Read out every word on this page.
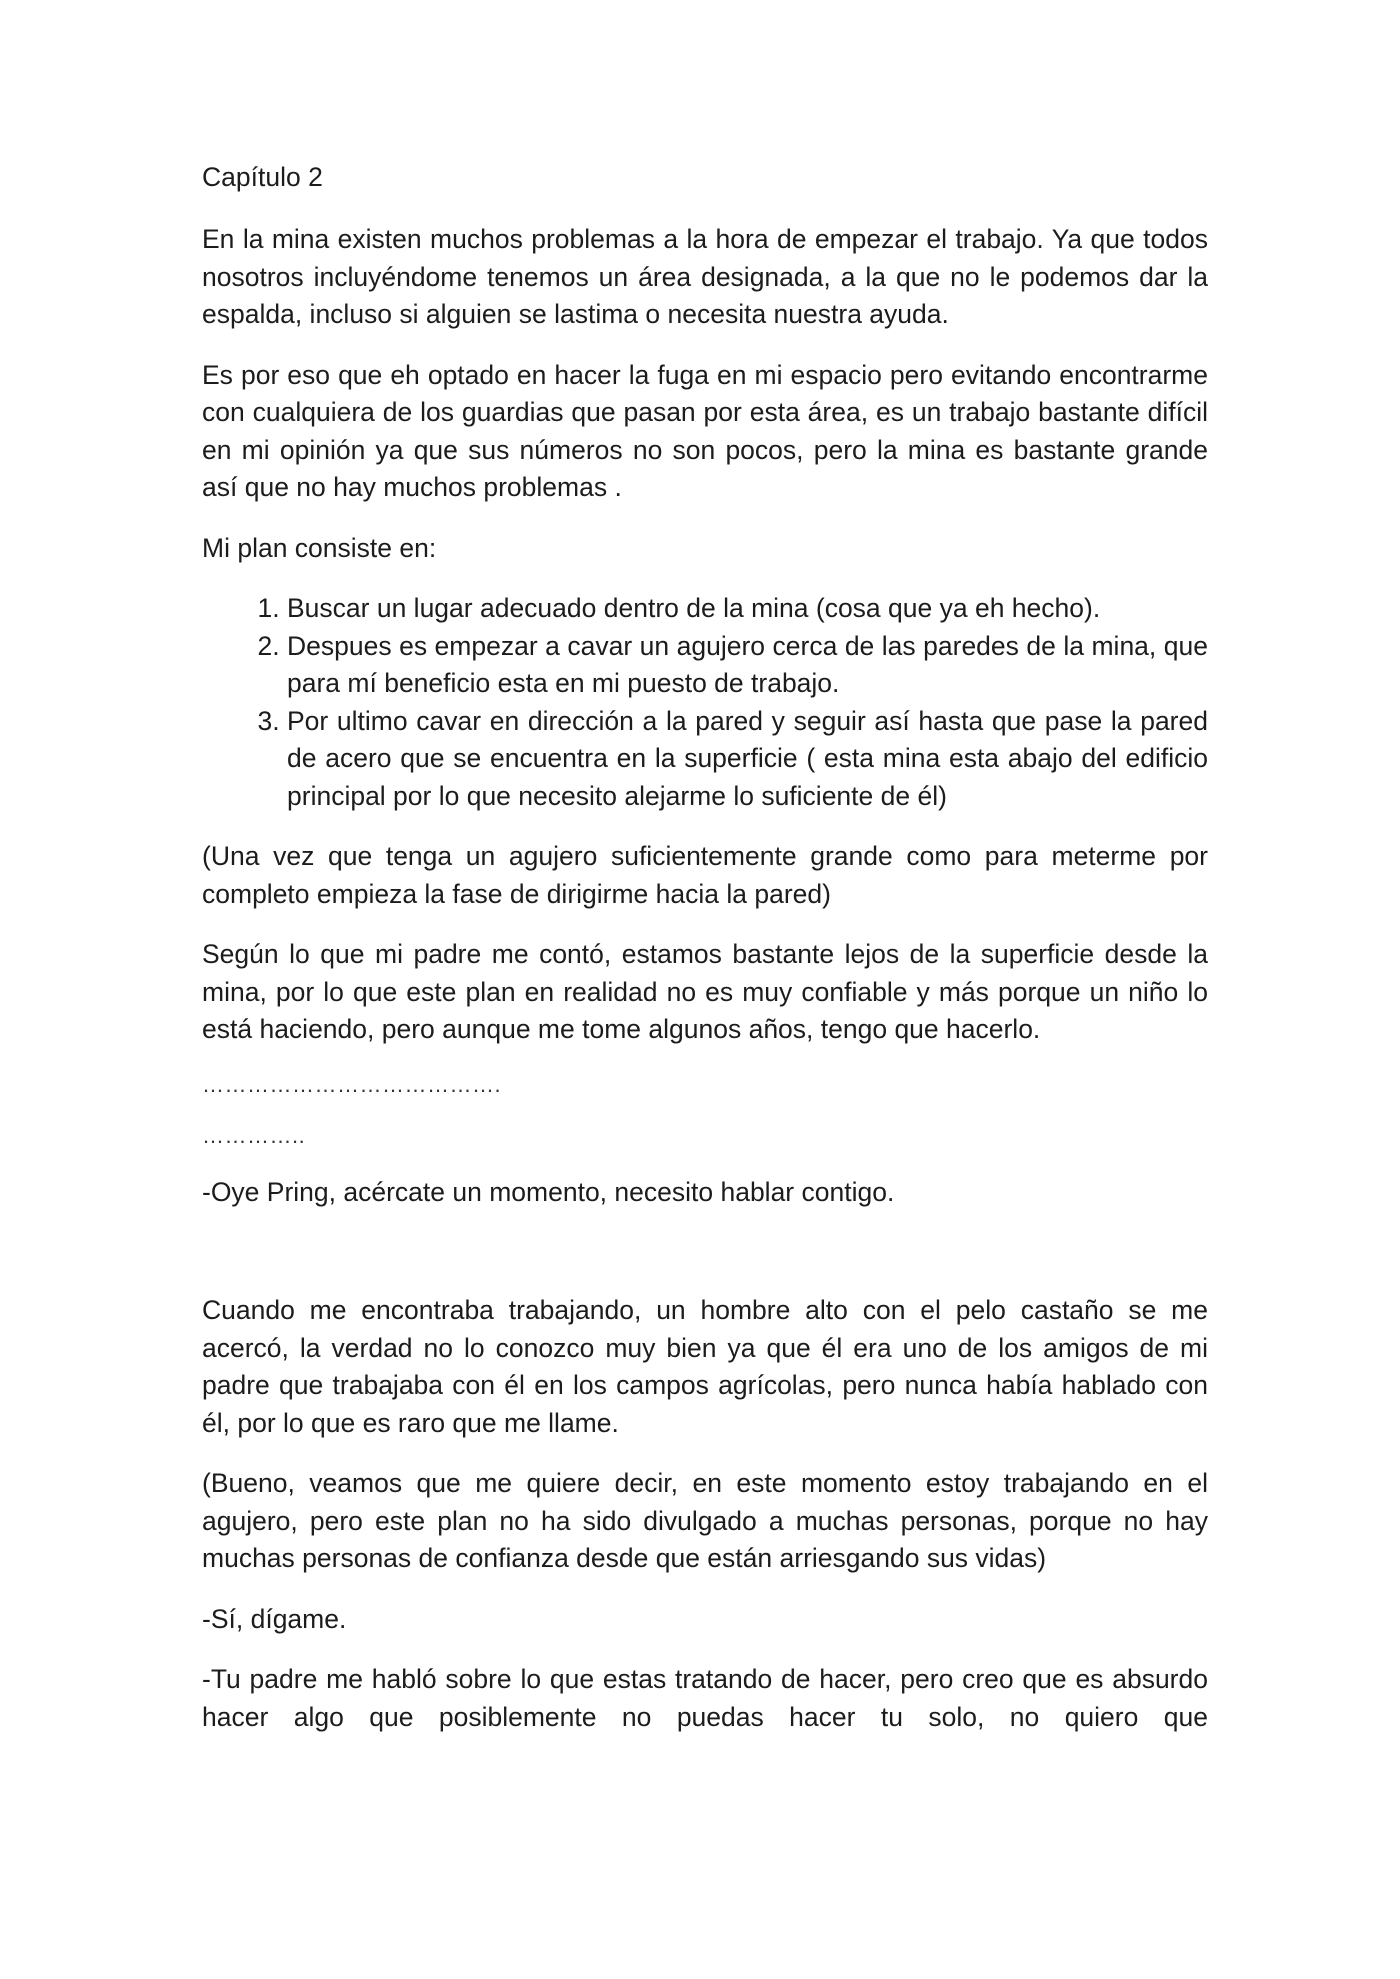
Capítulo 2

En la mina existen muchos problemas a la hora de empezar el trabajo. Ya que todos nosotros incluyéndome tenemos un área designada, a la que no le podemos dar la espalda, incluso si alguien se lastima o necesita nuestra ayuda.

Es por eso que eh optado en hacer la fuga en mi espacio pero evitando encontrarme con cualquiera de los guardias que pasan por esta área, es un trabajo bastante difícil en mi opinión ya que sus números no son pocos, pero la mina es bastante grande así que no hay muchos problemas .

Mi plan consiste en:

1. Buscar un lugar adecuado dentro de la mina (cosa que ya eh hecho).
2. Despues es empezar a cavar un agujero cerca de las paredes de la mina, que para mí beneficio esta en mi puesto de trabajo.
3. Por ultimo cavar en dirección a la pared y seguir así hasta que pase la pared de acero que se encuentra en la superficie ( esta mina esta abajo del edificio principal por lo que necesito alejarme lo suficiente de él)

(Una vez que tenga un agujero suficientemente grande como para meterme por completo empieza la fase de dirigirme hacia la pared)

Según lo que mi padre me contó, estamos bastante lejos de la superficie desde la mina, por lo que este plan en realidad no es muy confiable y más porque un niño lo está haciendo, pero aunque me tome algunos años, tengo que hacerlo.

………………………………….
…………..

-Oye Pring, acércate un momento, necesito hablar contigo.

Cuando me encontraba trabajando, un hombre alto con el pelo castaño se me acercó, la verdad no lo conozco muy bien ya que él era uno de los amigos de mi padre que trabajaba con él en los campos agrícolas, pero nunca había hablado con él, por lo que es raro que me llame.

(Bueno, veamos que me quiere decir, en este momento estoy trabajando en el agujero, pero este plan no ha sido divulgado a muchas personas, porque no hay muchas personas de confianza desde que están arriesgando sus vidas)

-Sí, dígame.

-Tu padre me habló sobre lo que estas tratando de hacer, pero creo que es absurdo hacer algo que posiblemente no puedas hacer tu solo, no quiero que
